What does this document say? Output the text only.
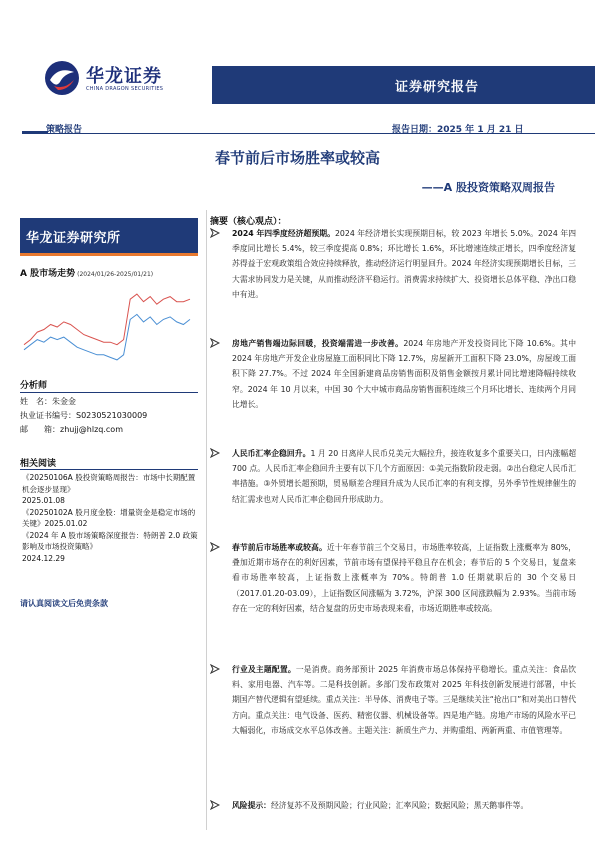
华龙证券
CHINA DRAGON SECURITIES	证券研究报告
策略报告	报告日期：2025 年 1 月 21 日
春节前后市场胜率或较高
——A 股投资策略双周报告
华龙证券研究所
A 股市场走势 (2024/01/26-2025/01/21)
分析师
姓　名：朱金金
执业证书编号：S0230521030009
邮　　箱：zhujj@hlzq.com
相关阅读
《20250106A 股投资策略周报告：市场中长期配置机会逐步显现》
2025.01.08
《20250102A 股月度金股：增量资金是稳定市场的关键》2025.01.02
《2024 年 A 股市场策略深度报告：特朗普 2.0 政策影响及市场投资策略》
2024.12.29
请认真阅读文后免责条款
摘要（核心观点）：

2024 年四季度经济超预期。2024 年经济增长实现预期目标，较 2023 年增长 5.0%。2024 年四季度同比增长 5.4%，较三季度提高 0.8%；环比增长 1.6%，环比增速连续正增长，四季度经济复苏得益于宏观政策组合效应持续释放，推动经济运行明显回升。2024 年经济实现预期增长目标，三大需求协同发力是关键，从而推动经济平稳运行。消费需求持续扩大、投资增长总体平稳、净出口稳中有进。

房地产销售端边际回暖，投资端需进一步改善。2024 年房地产开发投资同比下降 10.6%。其中 2024 年房地产开发企业房屋施工面积同比下降 12.7%，房屋新开工面积下降 23.0%，房屋竣工面积下降 27.7%。不过 2024 年全国新建商品房销售面积及销售金额按月累计同比增速降幅持续收窄。2024 年 10 月以来，中国 30 个大中城市商品房销售面积连续三个月环比增长、连续两个月同比增长。

人民币汇率企稳回升。1 月 20 日离岸人民币兑美元大幅拉升，接连收复多个重要关口，日内涨幅超 700 点。人民币汇率企稳回升主要有以下几个方面原因：①美元指数阶段走弱。②出台稳定人民币汇率措施。③外贸增长超预期，贸易顺差合理回升成为人民币汇率的有利支撑，另外季节性规律催生的结汇需求也对人民币汇率企稳回升形成助力。

春节前后市场胜率或较高。近十年春节前三个交易日，市场胜率较高，上证指数上涨概率为 80%，叠加近期市场存在的利好因素，节前市场有望保持平稳且存在机会；春节后的 5 个交易日，复盘来看市场胜率较高，上证指数上涨概率为 70%。特朗普 1.0 任期就职后的 30 个交易日（2017.01.20-03.09），上证指数区间涨幅为 3.72%，沪深 300 区间涨跌幅为 2.93%。当前市场存在一定的利好因素，结合复盘的历史市场表现来看，市场近期胜率或较高。

行业及主题配置。一是消费。商务部预计 2025 年消费市场总体保持平稳增长。重点关注：食品饮料、家用电器、汽车等。二是科技创新。多部门发布政策对 2025 年科技创新发展进行部署，中长期国产替代逻辑有望延续。重点关注：半导体、消费电子等。三是继续关注“抢出口”和对美出口替代方向。重点关注：电气设备、医药、精密仪器、机械设备等。四是地产链。房地产市场的风险水平已大幅弱化，市场成交水平总体改善。主题关注：新质生产力、并购重组、两新两重、市值管理等。

风险提示：经济复苏不及预期风险；行业风险；汇率风险；数据风险；黑天鹅事件等。
